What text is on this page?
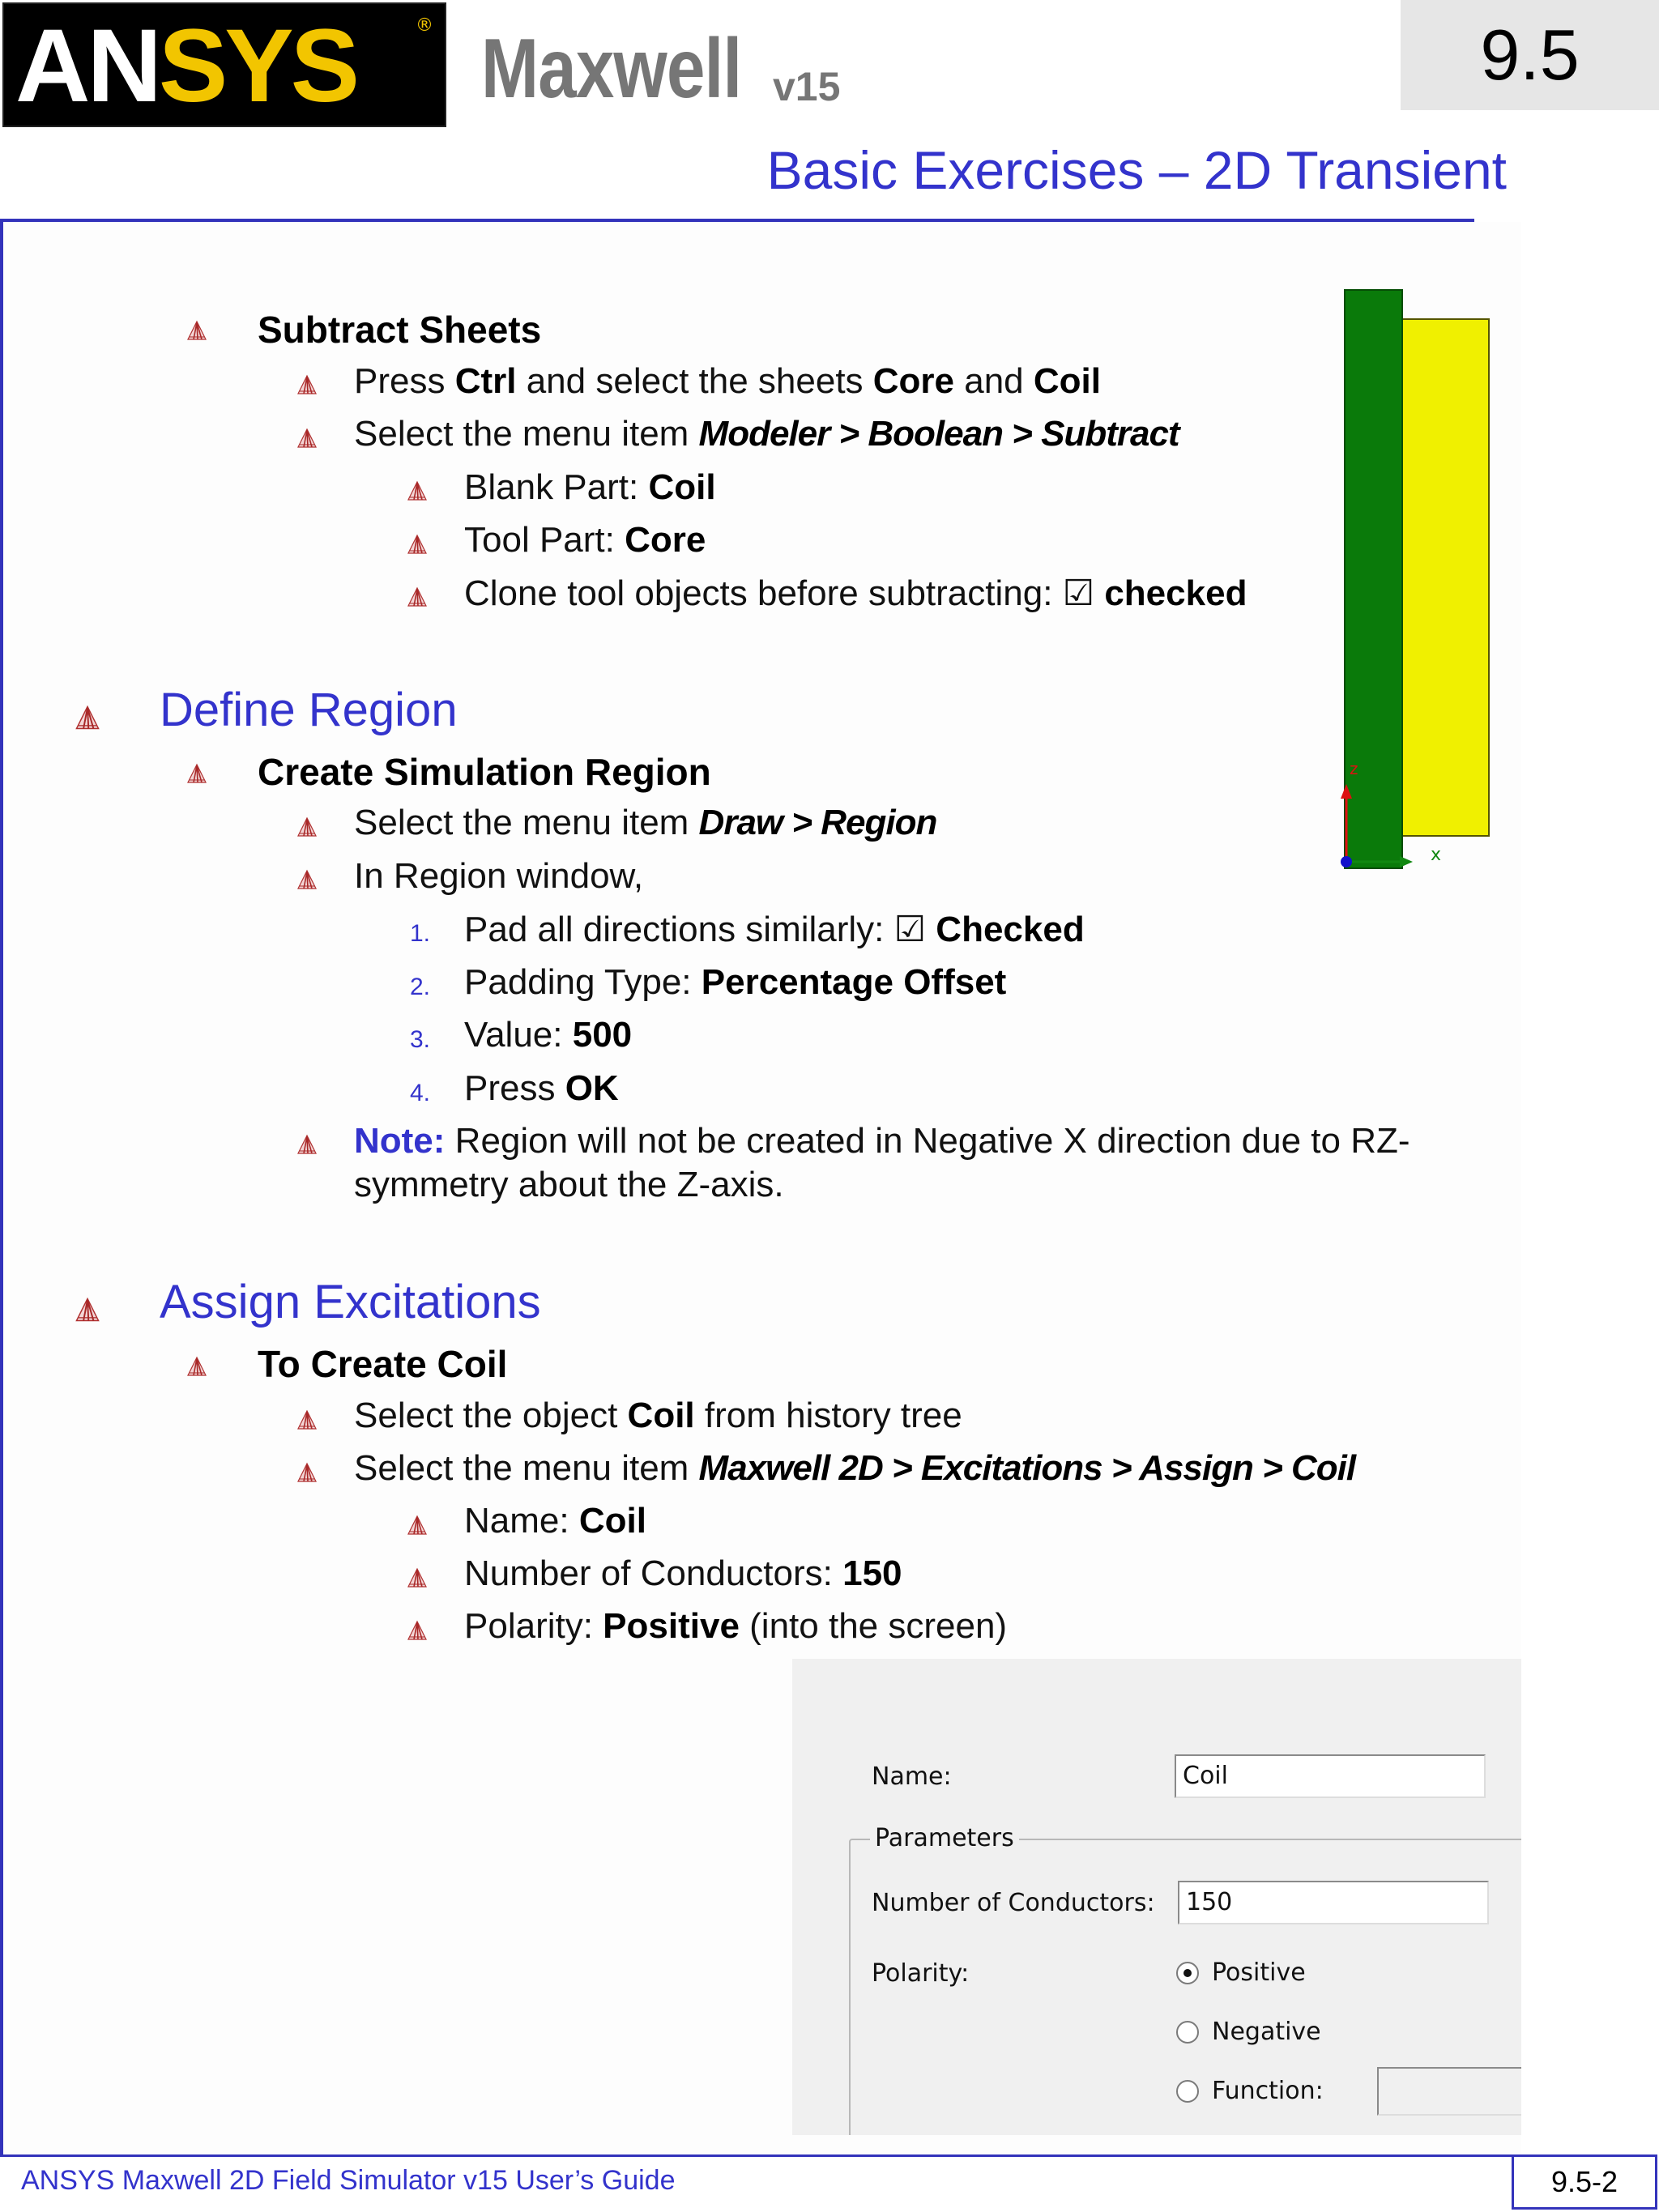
ANSYS	® Maxwell v15	9.5
Basic Exercises – 2D Transient
Subtract Sheets
Press Ctrl and select the sheets Core and Coil
Select the menu item Modeler > Boolean > Subtract
Blank Part: Coil
Tool Part: Core
Clone tool objects before subtracting: ☑ checked
Define Region
Create Simulation Region
Select the menu item Draw > Region
In Region window,
1. Pad all directions similarly: ☑ Checked
2. Padding Type: Percentage Offset
3. Value: 500
4. Press OK
Note: Region will not be created in Negative X direction due to RZ-
symmetry about the Z-axis.
Assign Excitations
To Create Coil
Select the object Coil from history tree
Select the menu item Maxwell 2D > Excitations > Assign > Coil
Name: Coil
Number of Conductors: 150
Polarity: Positive (into the screen)
z
x
Name:	Coil
Parameters
Number of Conductors:	150
Polarity:	Positive
Negative
Function:
ANSYS Maxwell 2D Field Simulator v15 User’s Guide	9.5-2
